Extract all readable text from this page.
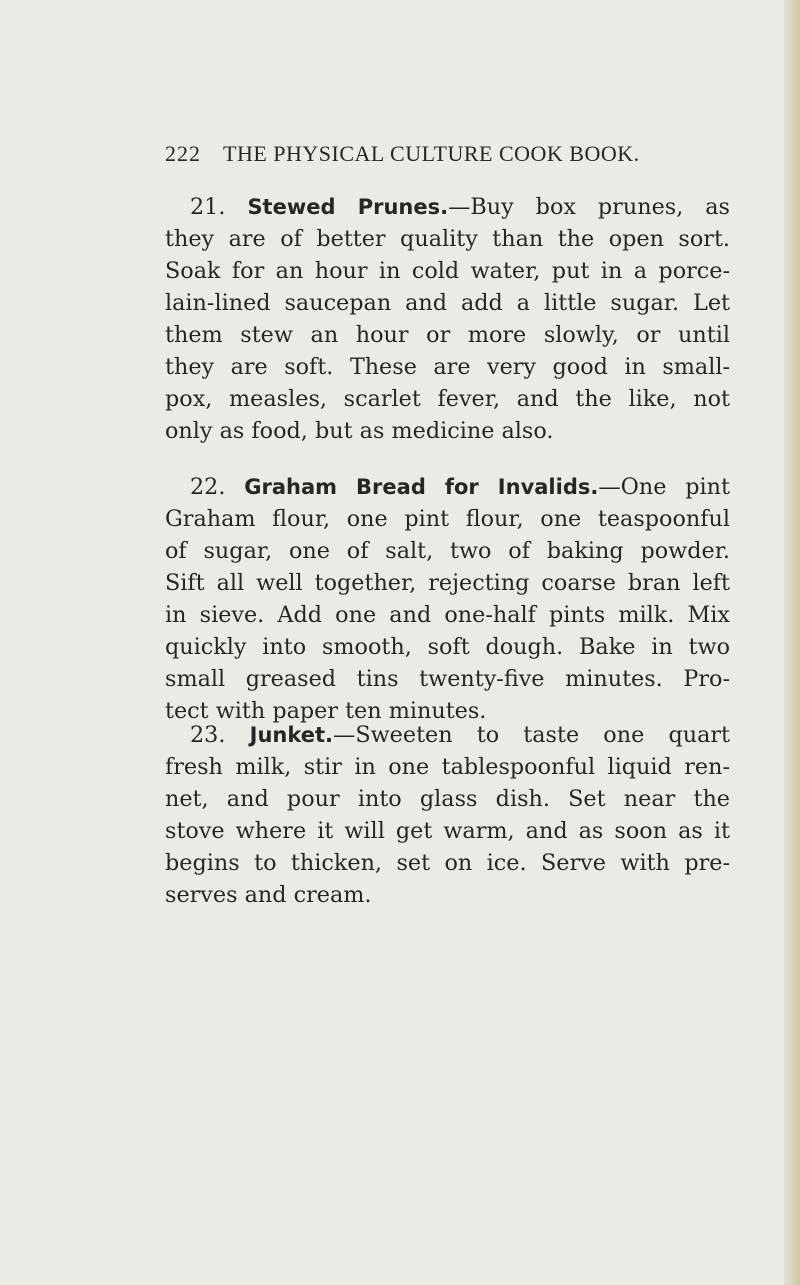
222 THE PHYSICAL CULTURE COOK BOOK.
21. Stewed Prunes.—Buy box prunes, as
they are of better quality than the open sort.
Soak for an hour in cold water, put in a porce-
lain-lined saucepan and add a little sugar. Let
them stew an hour or more slowly, or until
they are soft. These are very good in small-
pox, measles, scarlet fever, and the like, not
only as food, but as medicine also.
22. Graham Bread for Invalids.—One pint
Graham flour, one pint flour, one teaspoonful
of sugar, one of salt, two of baking powder.
Sift all well together, rejecting coarse bran left
in sieve. Add one and one-half pints milk. Mix
quickly into smooth, soft dough. Bake in two
small greased tins twenty-five minutes. Pro-
tect with paper ten minutes.
23. Junket.—Sweeten to taste one quart
fresh milk, stir in one tablespoonful liquid ren-
net, and pour into glass dish. Set near the
stove where it will get warm, and as soon as it
begins to thicken, set on ice. Serve with pre-
serves and cream.
